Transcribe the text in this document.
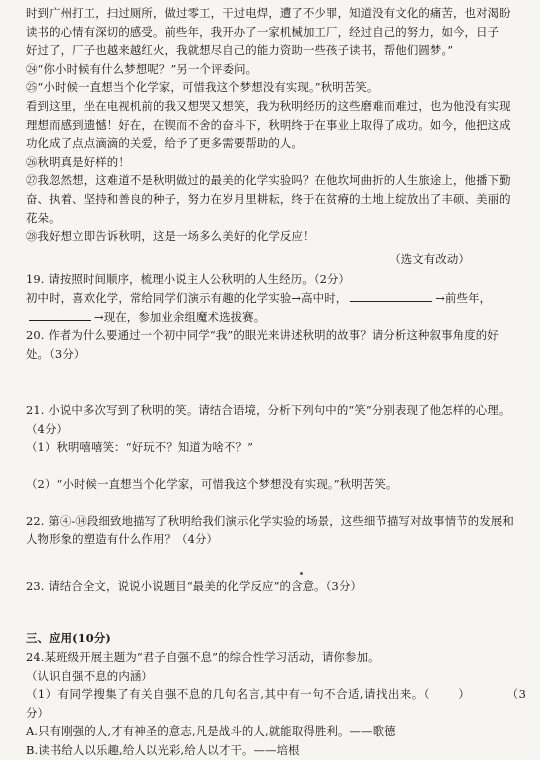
时到广州打工，扫过厕所，做过零工，干过电焊，遭了不少罪，知道没有文化的痛苦，也对渴盼

读书的心情有深切的感受。前些年，我开办了一家机械加工厂，经过自己的努力，如今，日子

好过了，厂子也越来越红火，我就想尽自己的能力资助一些孩子读书，帮他们圆梦。”

㉔“你小时候有什么梦想呢？”另一个评委问。

㉕“小时候一直想当个化学家，可惜我这个梦想没有实现。”秋明苦笑。

看到这里，坐在电视机前的我又想哭又想笑，我为秋明经历的这些磨难而难过，也为他没有实现

理想而感到遗憾！好在，在锲而不舍的奋斗下，秋明终于在事业上取得了成功。如今，他把这成

功化成了点点滴滴的关爱，给予了更多需要帮助的人。

㉖秋明真是好样的！

㉗我忽然想，这难道不是秋明做过的最美的化学实验吗？在他坎坷曲折的人生旅途上，他播下勤

奋、执着、坚持和善良的种子，努力在岁月里耕耘，终于在贫瘠的土地上绽放出了丰硕、美丽的

花朵。

㉘我好想立即告诉秋明，这是一场多么美好的化学反应！

（选文有改动）

19. 请按照时间顺序，梳理小说主人公秋明的人生经历。（2分）

初中时，喜欢化学，常给同学们演示有趣的化学实验→高中时，	→前些年，

→现在，参加业余组魔术选拔赛。

20. 作者为什么要通过一个初中同学“我”的眼光来讲述秋明的故事？请分析这种叙事角度的好

处。（3分）

21. 小说中多次写到了秋明的笑。请结合语境，分析下列句中的“笑”分别表现了他怎样的心理。

（4分）

（1）秋明嘻嘻笑：“好玩不？知道为啥不？”

（2）“小时候一直想当个化学家，可惜我这个梦想没有实现。”秋明苦笑。

22. 第④-⑭段细致地描写了秋明给我们演示化学实验的场景，这些细节描写对故事情节的发展和

人物形象的塑造有什么作用？（4分）

23. 请结合全文，说说小说题目“最美的化学反应”的含意。（3分）

三、应用(10分)

24.某班级开展主题为“君子自强不息”的综合性学习活动，请你参加。

（认识自强不息的内涵）

（1）有同学搜集了有关自强不息的几句名言,其中有一句不合适,请找出来。（ ）	（3分）

A.只有刚强的人,才有神圣的意志,凡是战斗的人,就能取得胜利。——歌德

B.读书给人以乐趣,给人以光彩,给人以才干。——培根
